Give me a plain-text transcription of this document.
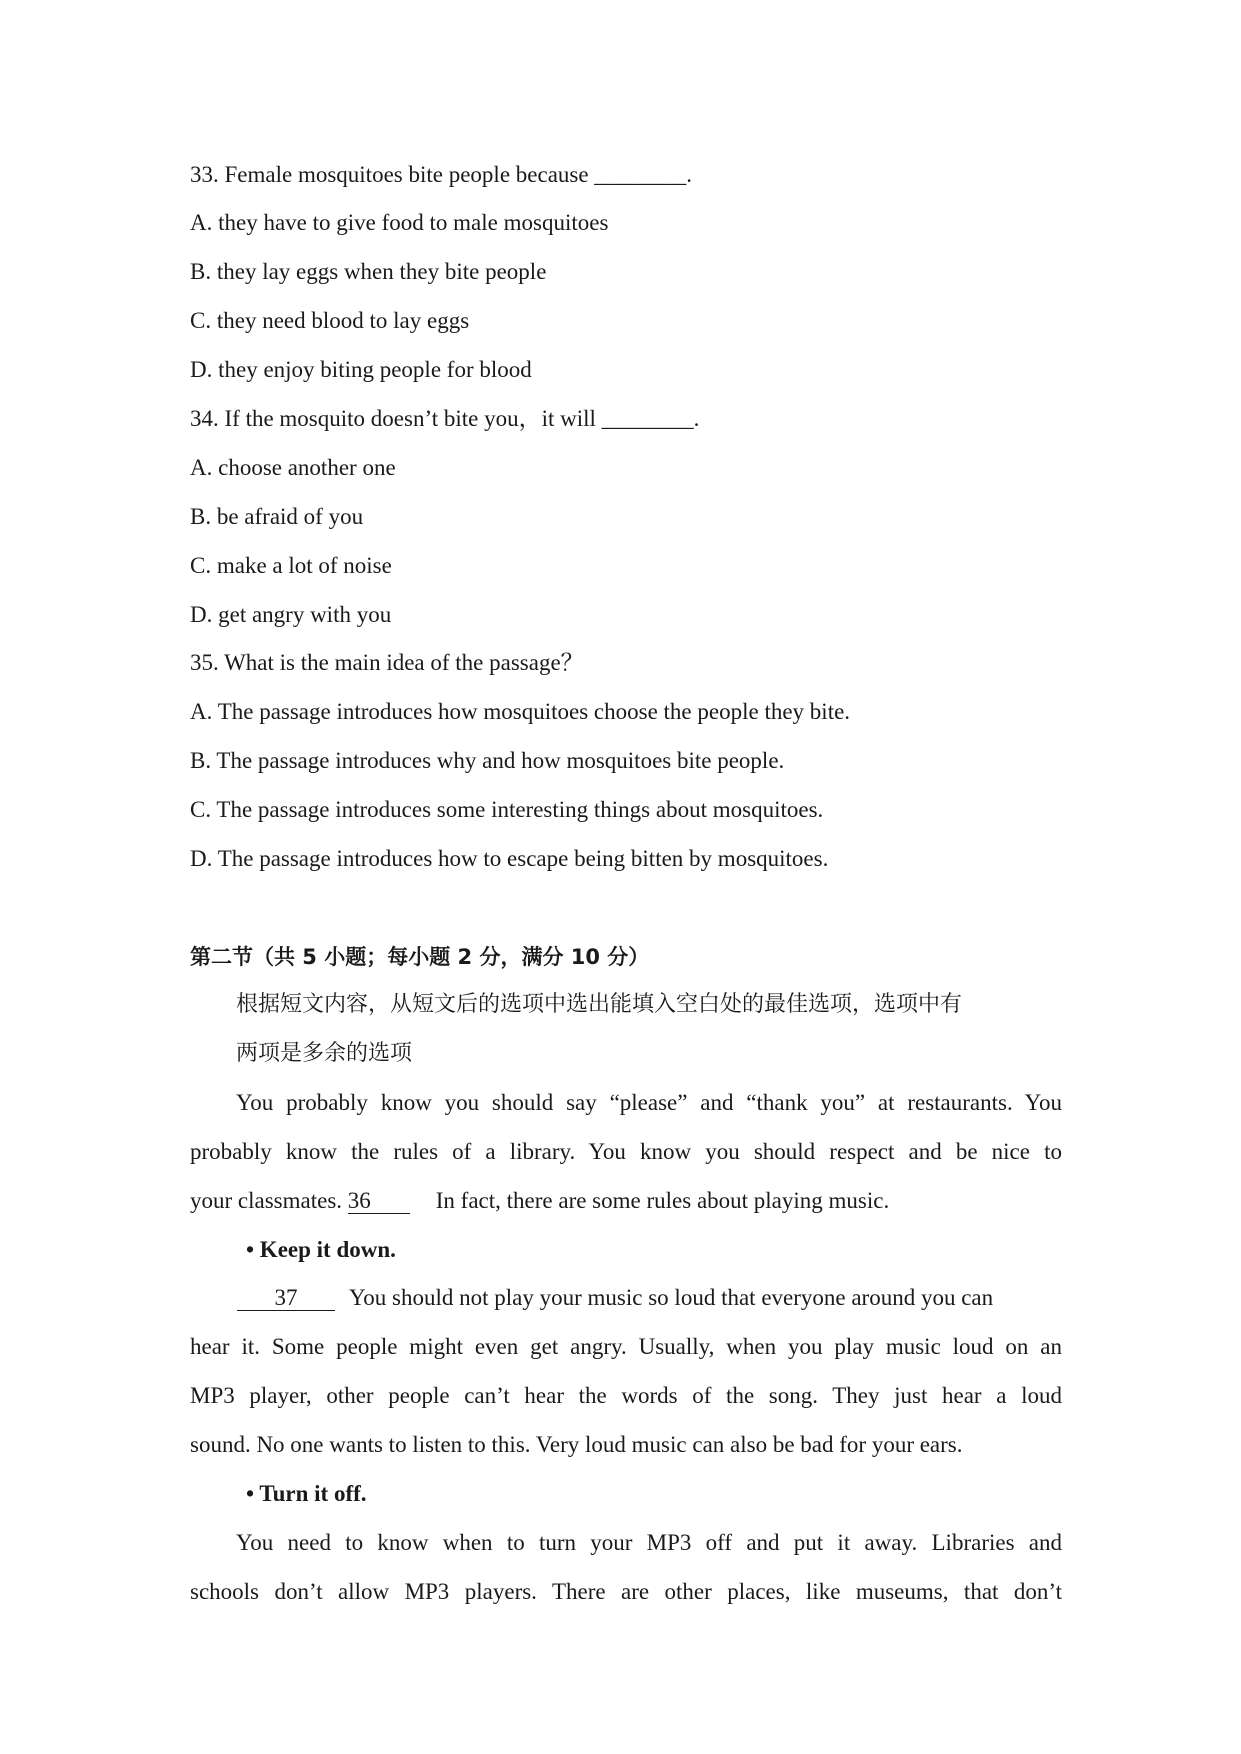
33. Female mosquitoes bite people because ________.
A. they have to give food to male mosquitoes
B. they lay eggs when they bite people
C. they need blood to lay eggs
D. they enjoy biting people for blood
34. If the mosquito doesn’t bite you，it will ________.
A. choose another one
B. be afraid of you
C. make a lot of noise
D. get angry with you
35. What is the main idea of the passage？
A. The passage introduces how mosquitoes choose the people they bite.
B. The passage introduces why and how mosquitoes bite people.
C. The passage introduces some interesting things about mosquitoes.
D. The passage introduces how to escape being bitten by mosquitoes.
第二节（共 5 小题；每小题 2 分，满分 10 分）
根据短文内容，从短文后的选项中选出能填入空白处的最佳选项，选项中有
两项是多余的选项
You probably know you should say “please” and “thank you” at restaurants. You
probably know the rules of a library. You know you should respect and be nice to
your classmates. 36	In fact, there are some rules about playing music.
• Keep it down.
37 You should not play your music so loud that everyone around you can
hear it. Some people might even get angry. Usually, when you play music loud on an
MP3 player, other people can’t hear the words of the song. They just hear a loud
sound. No one wants to listen to this. Very loud music can also be bad for your ears.
• Turn it off.
You need to know when to turn your MP3 off and put it away. Libraries and
schools don’t allow MP3 players. There are other places, like museums, that don’t
